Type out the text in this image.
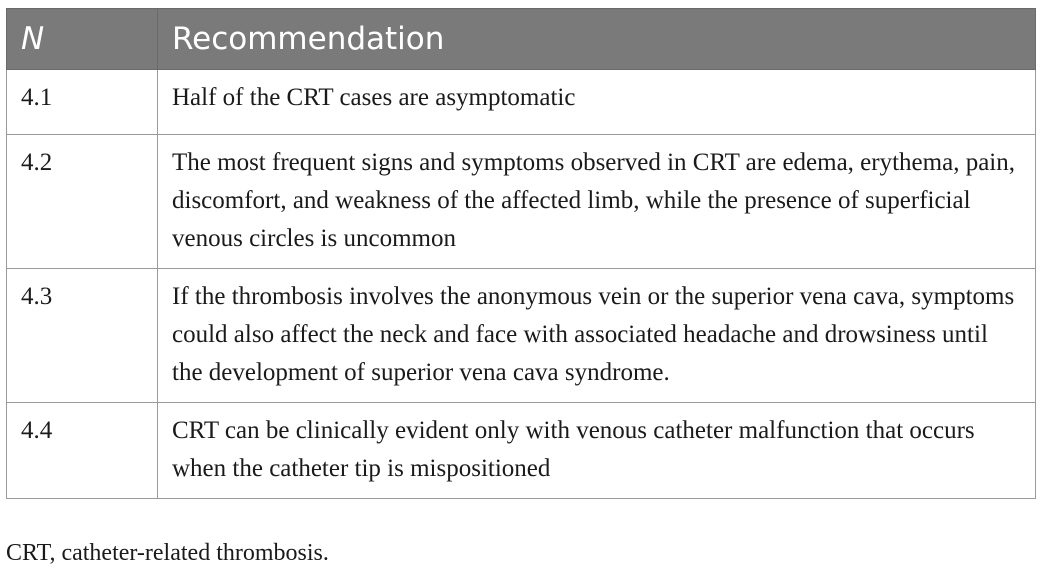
N	Recommendation
4.1	Half of the CRT cases are asymptomatic
4.2	The most frequent signs and symptoms observed in CRT are edema, erythema, pain, discomfort, and weakness of the affected limb, while the presence of superficial venous circles is uncommon
4.3	If the thrombosis involves the anonymous vein or the superior vena cava, symptoms could also affect the neck and face with associated headache and drowsiness until the development of superior vena cava syndrome.
4.4	CRT can be clinically evident only with venous catheter malfunction that occurs when the catheter tip is mispositioned

CRT, catheter-related thrombosis.
